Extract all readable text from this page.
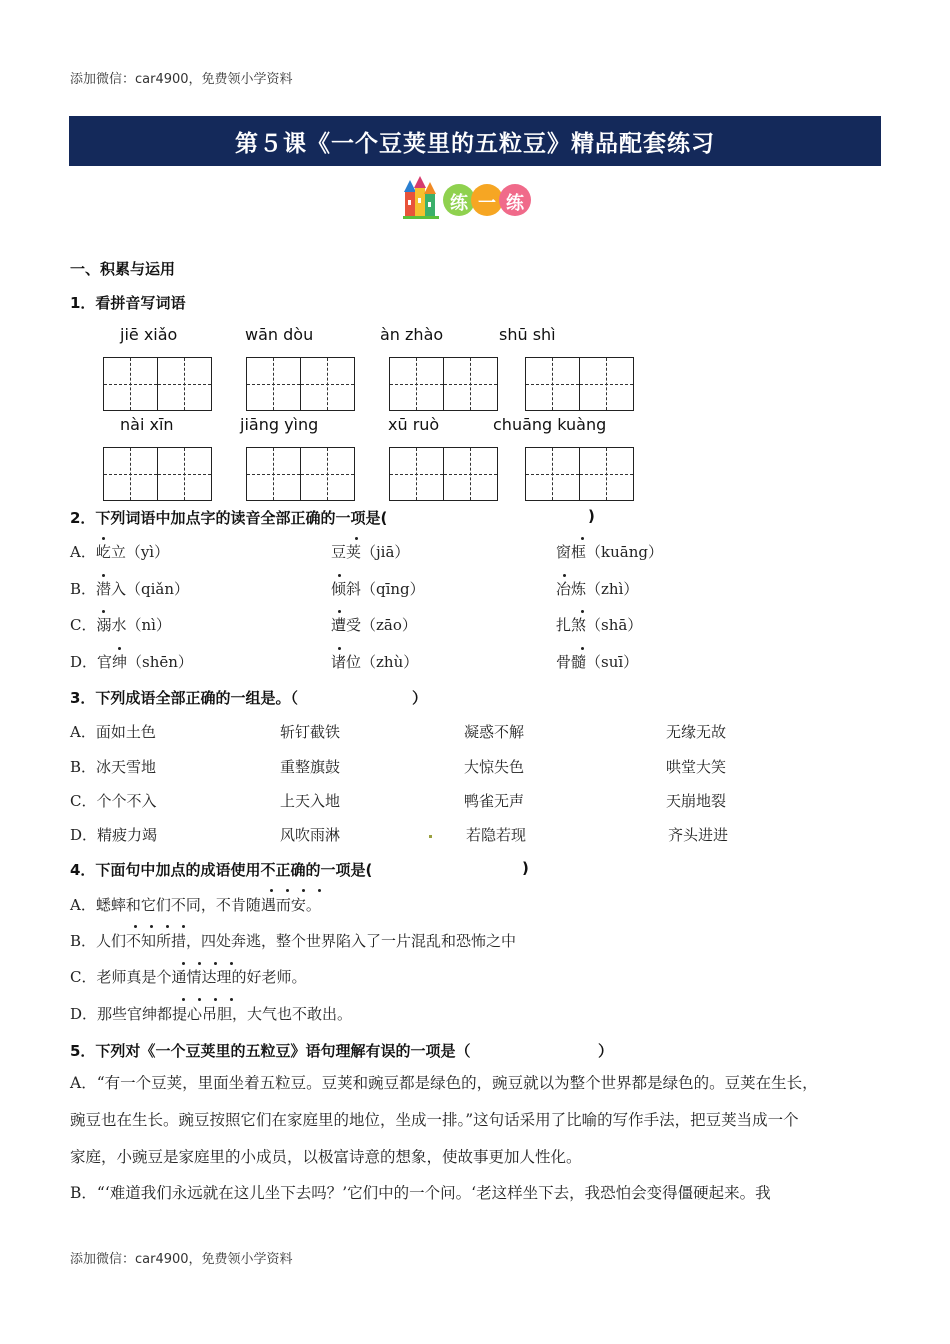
添加微信：car4900，免费领小学资料
第５课《一个豆荚里的五粒豆》精品配套练习
练 一 练
一、积累与运用
1．看拼音写词语
jiē xiǎo	wān dòu	àn zhào	shū shì
nài xīn	jiāng yìng	xū ruò	chuāng kuàng
2．下列词语中加点字的读音全部正确的一项是(	)
A．屹立（yì）	豆荚（jiā）	窗框（kuāng）
B．潜入（qiǎn）	倾斜（qīng）	冶炼（zhì）
C．溺水（nì）	遭受（zāo）	扎煞（shā）
D．官绅（shēn）	诸位（zhù）	骨髓（suī）
3．下列成语全部正确的一组是。（	）
A．面如土色	斩钉截铁	凝惑不解	无缘无故
B．冰天雪地	重整旗鼓	大惊失色	哄堂大笑
C．个个不入	上天入地	鸭雀无声	天崩地裂
D．精疲力竭	风吹雨淋	若隐若现	齐头进进
4．下面句中加点的成语使用不正确的一项是(	)
A．蟋蟀和它们不同，不肯随遇而安。
B．人们不知所措，四处奔逃，整个世界陷入了一片混乱和恐怖之中
C．老师真是个通情达理的好老师。
D．那些官绅都提心吊胆，大气也不敢出。
5．下列对《一个豆荚里的五粒豆》语句理解有误的一项是（	）
A．“有一个豆荚，里面坐着五粒豆。豆荚和豌豆都是绿色的，豌豆就以为整个世界都是绿色的。豆荚在生长，
豌豆也在生长。豌豆按照它们在家庭里的地位，坐成一排。”这句话采用了比喻的写作手法，把豆荚当成一个
家庭，小豌豆是家庭里的小成员，以极富诗意的想象，使故事更加人性化。
B．“‘难道我们永远就在这儿坐下去吗？’它们中的一个问。‘老这样坐下去，我恐怕会变得僵硬起来。我
添加微信：car4900，免费领小学资料
